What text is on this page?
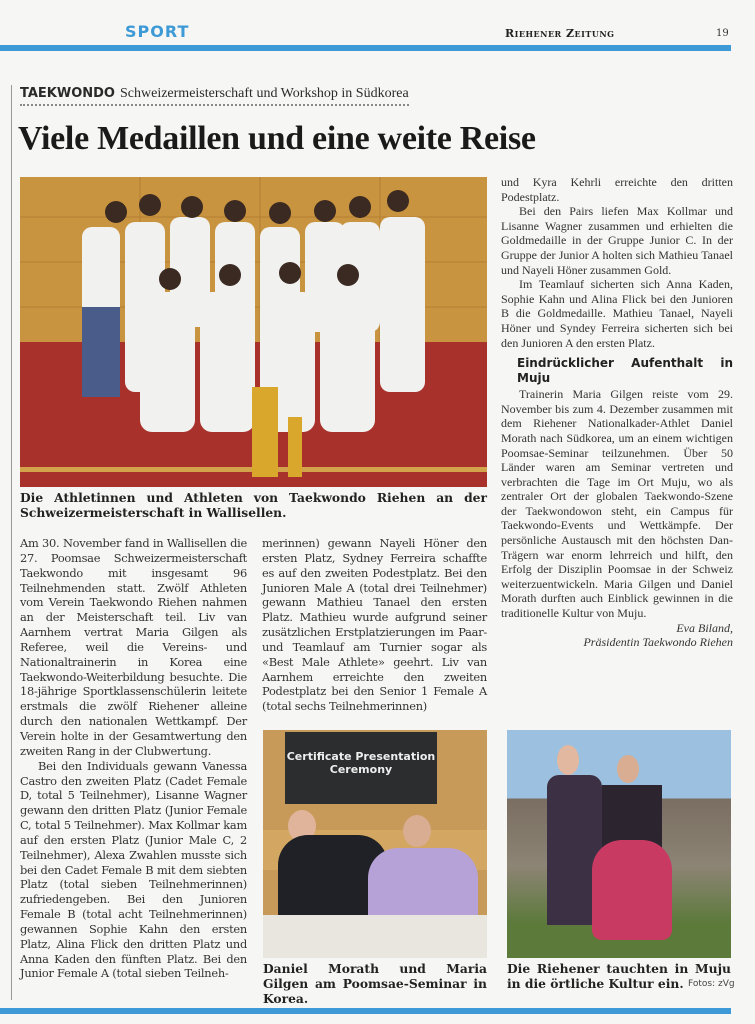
SPORT	Riehener Zeitung	19
TAEKWONDO Schweizermeisterschaft und Workshop in Südkorea
Viele Medaillen und eine weite Reise
Die Athletinnen und Athleten von Taekwondo Riehen an der Schweizermeisterschaft in Wallisellen.

Am 30. November fand in Wallisellen die 27. Poomsae Schweizermeisterschaft Taekwondo mit insgesamt 96 Teilnehmenden statt. Zwölf Athleten vom Verein Taekwondo Riehen nahmen an der Meisterschaft teil. Liv van Aarnhem vertrat Maria Gilgen als Referee, weil die Vereins- und Nationaltrainerin in Korea eine Taekwondo-Weiterbildung besuchte. Die 18-jährige Sportklassenschülerin leitete erstmals die zwölf Riehener alleine durch den nationalen Wettkampf. Der Verein holte in der Gesamtwertung den zweiten Rang in der Clubwertung.

Bei den Individuals gewann Vanessa Castro den zweiten Platz (Cadet Female D, total 5 Teilnehmer), Lisanne Wagner gewann den dritten Platz (Junior Female C, total 5 Teilnehmer). Max Kollmar kam auf den ersten Platz (Junior Male C, 2 Teilnehmer), Alexa Zwahlen musste sich bei den Cadet Female B mit dem siebten Platz (total sieben Teilnehmerinnen) zufriedengeben. Bei den Junioren Female B (total acht Teilnehmerinnen) gewannen Sophie Kahn den ersten Platz, Alina Flick den dritten Platz und Anna Kaden den fünften Platz. Bei den Junior Female A (total sieben Teilneh-

merinnen) gewann Nayeli Höner den ersten Platz, Sydney Ferreira schaffte es auf den zweiten Podestplatz. Bei den Junioren Male A (total drei Teilnehmer) gewann Mathieu Tanael den ersten Platz. Mathieu wurde aufgrund seiner zusätzlichen Erstplatzierungen im Paar- und Teamlauf am Turnier sogar als «Best Male Athlete» geehrt. Liv van Aarnhem erreichte den zweiten Podestplatz bei den Senior 1 Female A (total sechs Teilnehmerinnen)

und Kyra Kehrli erreichte den dritten Podestplatz.

Bei den Pairs liefen Max Kollmar und Lisanne Wagner zusammen und erhielten die Goldmedaille in der Gruppe Junior C. In der Gruppe der Junior A holten sich Mathieu Tanael und Nayeli Höner zusammen Gold.

Im Teamlauf sicherten sich Anna Kaden, Sophie Kahn und Alina Flick bei den Junioren B die Goldmedaille. Mathieu Tanael, Nayeli Höner und Syndey Ferreira sicherten sich bei den Junioren A den ersten Platz.

Eindrücklicher Aufenthalt in Muju

Trainerin Maria Gilgen reiste vom 29. November bis zum 4. Dezember zusammen mit dem Riehener Nationalkader-Athlet Daniel Morath nach Südkorea, um an einem wichtigen Poomsae-Seminar teilzunehmen. Über 50 Länder waren am Seminar vertreten und verbrachten die Tage im Ort Muju, wo als zentraler Ort der globalen Taekwondo-Szene der Taekwondowon steht, ein Campus für Taekwondo-Events und Wettkämpfe. Der persönliche Austausch mit den höchsten Dan-Trägern war enorm lehrreich und hilft, den Erfolg der Disziplin Poomsae in der Schweiz weiterzuentwickeln. Maria Gilgen und Daniel Morath durften auch Einblick gewinnen in die traditionelle Kultur von Muju.

Eva Biland,

Präsidentin Taekwondo Riehen

Certificate Presentation Ceremony
Daniel Morath und Maria Gilgen am Poomsae-Seminar in Korea.
Die Riehener tauchten in Muju in die örtliche Kultur ein. Fotos: zVg
